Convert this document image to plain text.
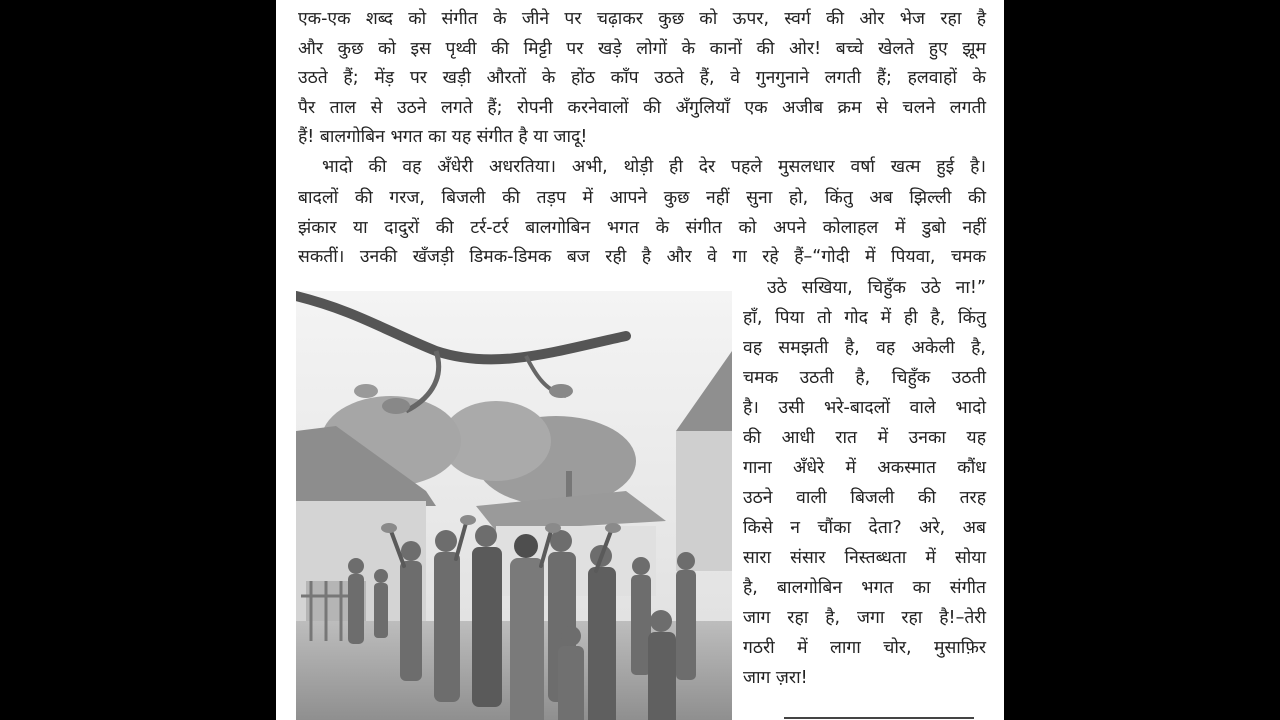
एक-एक शब्द को संगीत के जीने पर चढ़ाकर कुछ को ऊपर, स्वर्ग की ओर भेज रहा है
और कुछ को इस पृथ्वी की मिट्टी पर खड़े लोगों के कानों की ओर! बच्चे खेलते हुए झूम
उठते हैं; मेंड़ पर खड़ी औरतों के होंठ काँप उठते हैं, वे गुनगुनाने लगती हैं; हलवाहों के
पैर ताल से उठने लगते हैं; रोपनी करनेवालों की अँगुलियाँ एक अजीब क्रम से चलने लगती
हैं! बालगोबिन भगत का यह संगीत है या जादू!
भादो की वह अँधेरी अधरतिया। अभी, थोड़ी ही देर पहले मुसलधार वर्षा खत्म हुई है।
बादलों की गरज, बिजली की तड़प में आपने कुछ नहीं सुना हो, किंतु अब झिल्ली की
झंकार या दादुरों की टर्र-टर्र बालगोबिन भगत के संगीत को अपने कोलाहल में डुबो नहीं
सकतीं। उनकी खँजड़ी डिमक-डिमक बज रही है और वे गा रहे हैं–“गोदी में पियवा, चमक
उठे सखिया, चिहुँक उठे ना!”
हाँ, पिया तो गोद में ही है, किंतु
वह समझती है, वह अकेली है,
चमक उठती है, चिहुँक उठती
है। उसी भरे-बादलों वाले भादो
की आधी रात में उनका यह
गाना अँधेरे में अकस्मात कौंध
उठने वाली बिजली की तरह
किसे न चौंका देता? अरे, अब
सारा संसार निस्तब्धता में सोया
है, बालगोबिन भगत का संगीत
जाग रहा है, जगा रहा है!–तेरी
गठरी में लागा चोर, मुसाफ़िर
जाग ज़रा!
